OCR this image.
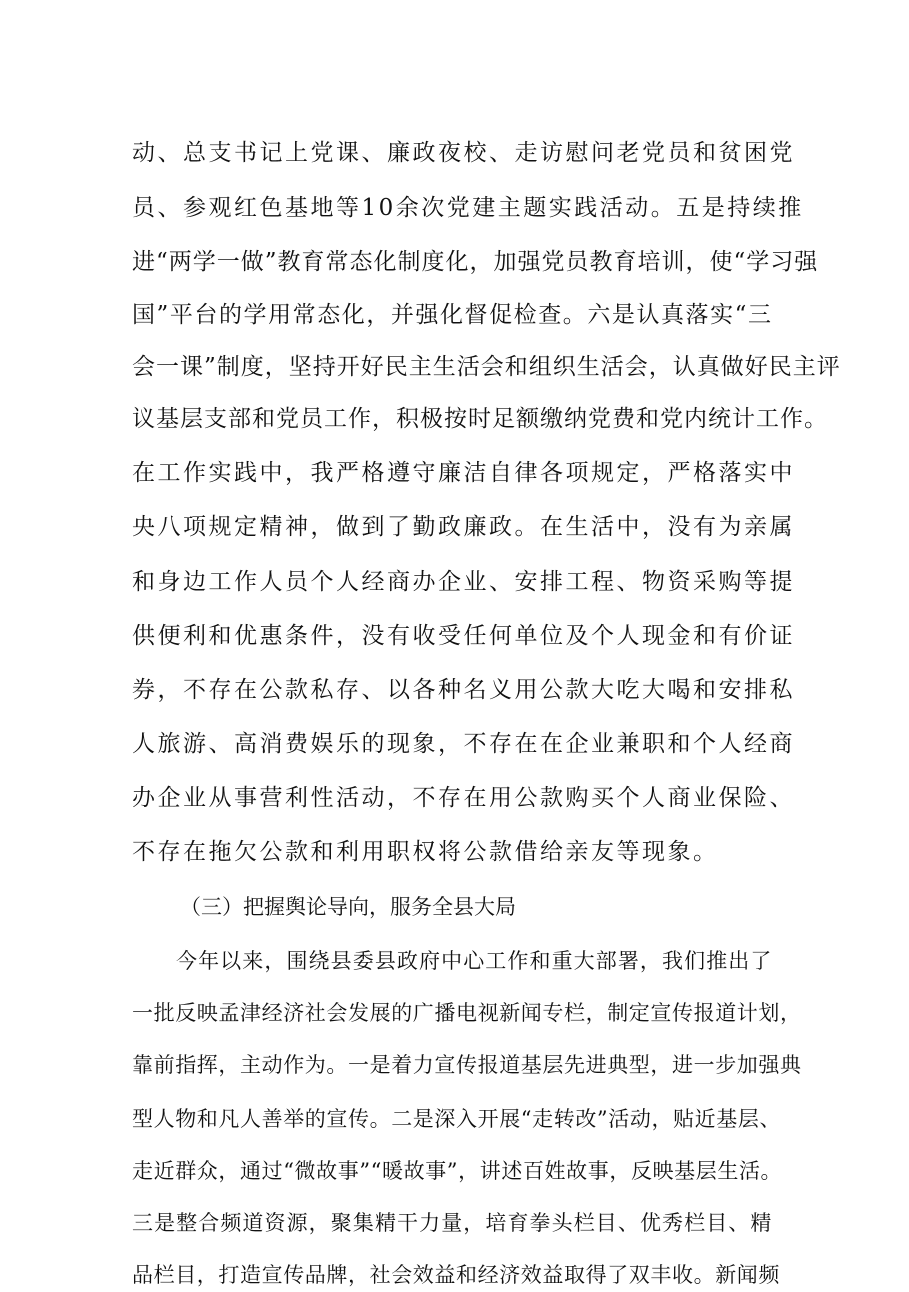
动、总支书记上党课、廉政夜校、走访慰问老党员和贫困党
员、参观红色基地等10余次党建主题实践活动。五是持续推
进“两学一做”教育常态化制度化，加强党员教育培训，使“学习强
国”平台的学用常态化，并强化督促检查。六是认真落实“三
会一课”制度，坚持开好民主生活会和组织生活会，认真做好民主评
议基层支部和党员工作，积极按时足额缴纳党费和党内统计工作。
在工作实践中，我严格遵守廉洁自律各项规定，严格落实中
央八项规定精神，做到了勤政廉政。在生活中，没有为亲属
和身边工作人员个人经商办企业、安排工程、物资采购等提
供便利和优惠条件，没有收受任何单位及个人现金和有价证
券，不存在公款私存、以各种名义用公款大吃大喝和安排私
人旅游、高消费娱乐的现象，不存在在企业兼职和个人经商
办企业从事营利性活动，不存在用公款购买个人商业保险、
不存在拖欠公款和利用职权将公款借给亲友等现象。
（三）把握舆论导向，服务全县大局
今年以来，围绕县委县政府中心工作和重大部署，我们推出了
一批反映孟津经济社会发展的广播电视新闻专栏，制定宣传报道计划，
靠前指挥，主动作为。一是着力宣传报道基层先进典型，进一步加强典
型人物和凡人善举的宣传。二是深入开展“走转改”活动，贴近基层、
走近群众，通过“微故事”“暖故事”，讲述百姓故事，反映基层生活。
三是整合频道资源，聚集精干力量，培育拳头栏目、优秀栏目、精
品栏目，打造宣传品牌，社会效益和经济效益取得了双丰收。新闻频
